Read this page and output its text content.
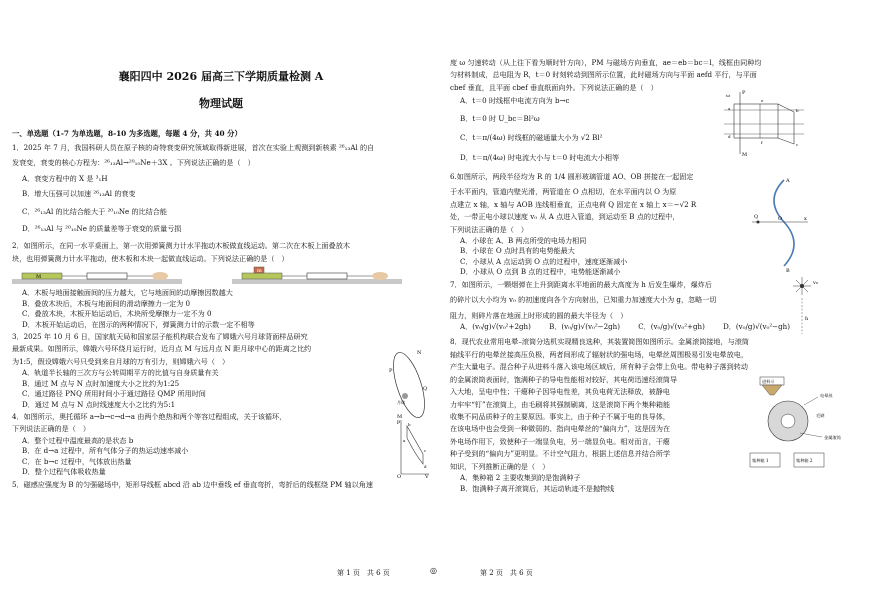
襄阳四中 2026 届高三下学期质量检测 A
物理试题
一、单选题（1-7 为单选题，8-10 为多选题，每题 4 分，共 40 分）
1．2025 年 7 月，我国科研人员在原子核的奇特衰变研究领域取得新进展，首次在实验上观测到新核素 ²⁶₁₃Al 的自
发衰变，衰变的核心方程为：²⁶₁₃Al→²⁰₁₀Ne＋3X 。下列说法正确的是（　）
A．衰变方程中的 X 是 ³₁H
B．增大压强可以加速 ²⁶₁₃Al 的衰变
C．²⁶₁₃Al 的比结合能大于 ²⁰₁₀Ne 的比结合能
D．²⁶₁₃Al 与 ²⁰₁₀Ne 的质量差等于衰变的质量亏损
2．如图所示，在同一水平桌面上，第一次用弹簧测力计水平拖动木板做直线运动。第二次在木板上面叠放木
块，也用弹簧测力计水平拖动，使木板和木块一起做直线运动。下列说法正确的是（　）
M
m
A．木板与地面接触面间的压力越大，它与地面间的动摩擦因数越大
B．叠放木块后，木板与地面间的滑动摩擦力一定为 0
C．叠放木块，木板开始运动后，木块所受摩擦力一定不为 0
D．木板开始运动后，在图示的两种情况下，弹簧测力计的示数一定不相等
3．2025 年 10 月 6 日，国家航天局和国家层子能机构联合发布了嫦娥六号月球背面样品研究
最新成果。如图所示，嫦娥六号环绕月运行时，近月点 M 与远月点 N 距月球中心的距离之比约
为1:5，假设嫦娥六号只受到来自月球的万有引力，则嫦娥六号（　）
A．轨道半长轴的三次方与公转周期平方的比值与自身质量有关
B．通过 M 点与 N 点时加速度大小之比约为1:25
C．通过路径 PNQ 所用时间小于通过路径 QMP 所用时间
D．通过 M 点与 N 点时线速度大小之比约为5:1
P
M
N
Q
月球
4．如图所示，奥托循环 a→b→c→d→a 由两个绝热和两个等容过程组成，关于该循环，
下列说法正确的是（　）
A．整个过程中温度最高的是状态 b
B．在 d→a 过程中，所有气体分子的热运动速率减小
C．在 b→c 过程中，气体放出热量
D．整个过程气体吸收热量
p
V
O
a
b
c
d
5．磁感应强度为 B 的匀强磁场中，矩形导线框 abcd 沿 ab 边中垂线 ef 垂直弯折，弯折后的线框绕 PM 轴以角速
第 1 页　共 6 页	◎
度 ω 匀速转动（从上往下看为顺时针方向），PM 与磁场方向垂直，ae＝eb＝bc＝l，线框由同种均
匀材料制成，总电阻为 R，t＝0 时刻转动到图所示位置，此时磁场方向与平面 aefd 平行，与平面
cbef 垂直，且平面 cbef 垂直纸面向外。下列说法正确的是（　）
A．t＝0 时线框中电流方向为 b→c
B．t＝0 时 U_bc＝Bl²ω
C．t＝π/(4ω) 时线框的磁通量大小为 √2 Bl²
D．t＝π/(4ω) 时电流大小与 t＝0 时电流大小相等
P
ω
a
e
b
d
f	c
M
6.如图所示，两段半径均为 R 的 1/4 圆形玻璃管道 AO、OB 拼接在一起固定
于水平面内，管道内壁光滑，两管道在 O 点相切，在水平面内以 O 为原
点建立 x 轴，x 轴与 AOB 连线相垂直，正点电荷 Q 固定在 x 轴上 x＝−√2 R
处，一带正电小球以速度 v₀ 从 A 点进入管道，到运动至 B 点的过程中，
下列说法正确的是（　）
A．小球在 A、B 两点所受的电场力相同
B．小球在 O 点时具有的电势能最大
C．小球从 A 点运动到 O 点的过程中，速度逐渐减小
D．小球从 O 点到 B 点的过程中，电势能逐渐减小
A
Q	O	x
B
7．如图所示，一颗烟弹在上升到距离水平地面的最大高度为 h 后发生爆炸，爆炸后
的碎片以大小均为 v₀ 的初速度向各个方向射出，已知重力加速度大小为 g，忽略一切
阻力，则碎片落在地面上时形成的圆的最大半径为（　）
A．(v₀/g)√(v₀²+2gh)	B．(v₀/g)√(v₀²−2gh)	C．(v₀/g)√(v₀²+gh)	D．(v₀/g)√(v₀²−gh)
v₀
h
8．现代农业常用电晕–滚筒分选机实现精良选种，其装置简图如图所示。金属滚筒接地，与滚筒
轴线平行的电晕丝接高压负极，两者间形成了辐射状的强电场，电晕丝周围极易引发电晕放电，
产生大量电子。混合种子从进料斗落入该电场区域后，所有种子会带上负电。带电种子落到转动
的金属滚筒表面时，饱满种子的导电性能相对较好，其电荷迅速经滚筒导
入大地，呈电中性；干瘪种子因导电性差，其负电荷无法释放，被静电
力牢牢“钉”在滚筒上，由毛刷将其强制刷离，这是滚筒下两个集种箱能
收集不同品质种子的主要原因。事实上，由于种子不属于电的良导体，
在该电场中也会受到一种微弱的、指向电晕丝的“偏向力”，这是因为在
外电场作用下，致使种子一端显负电，另一端显负电。相对而言，干瘪
种子受到的“偏向力”更明显。不计空气阻力，根据上述信息并结合所学
知识，下列推断正确的是（　）
A．集种箱 2 主要收集到的是饱满种子
B．饱满种子离开滚筒后，其运动轨迹不是抛物线
进料斗
电晕丝
金属滚筒
毛刷
集种箱 1	集种箱 2
第 2 页　共 6 页
